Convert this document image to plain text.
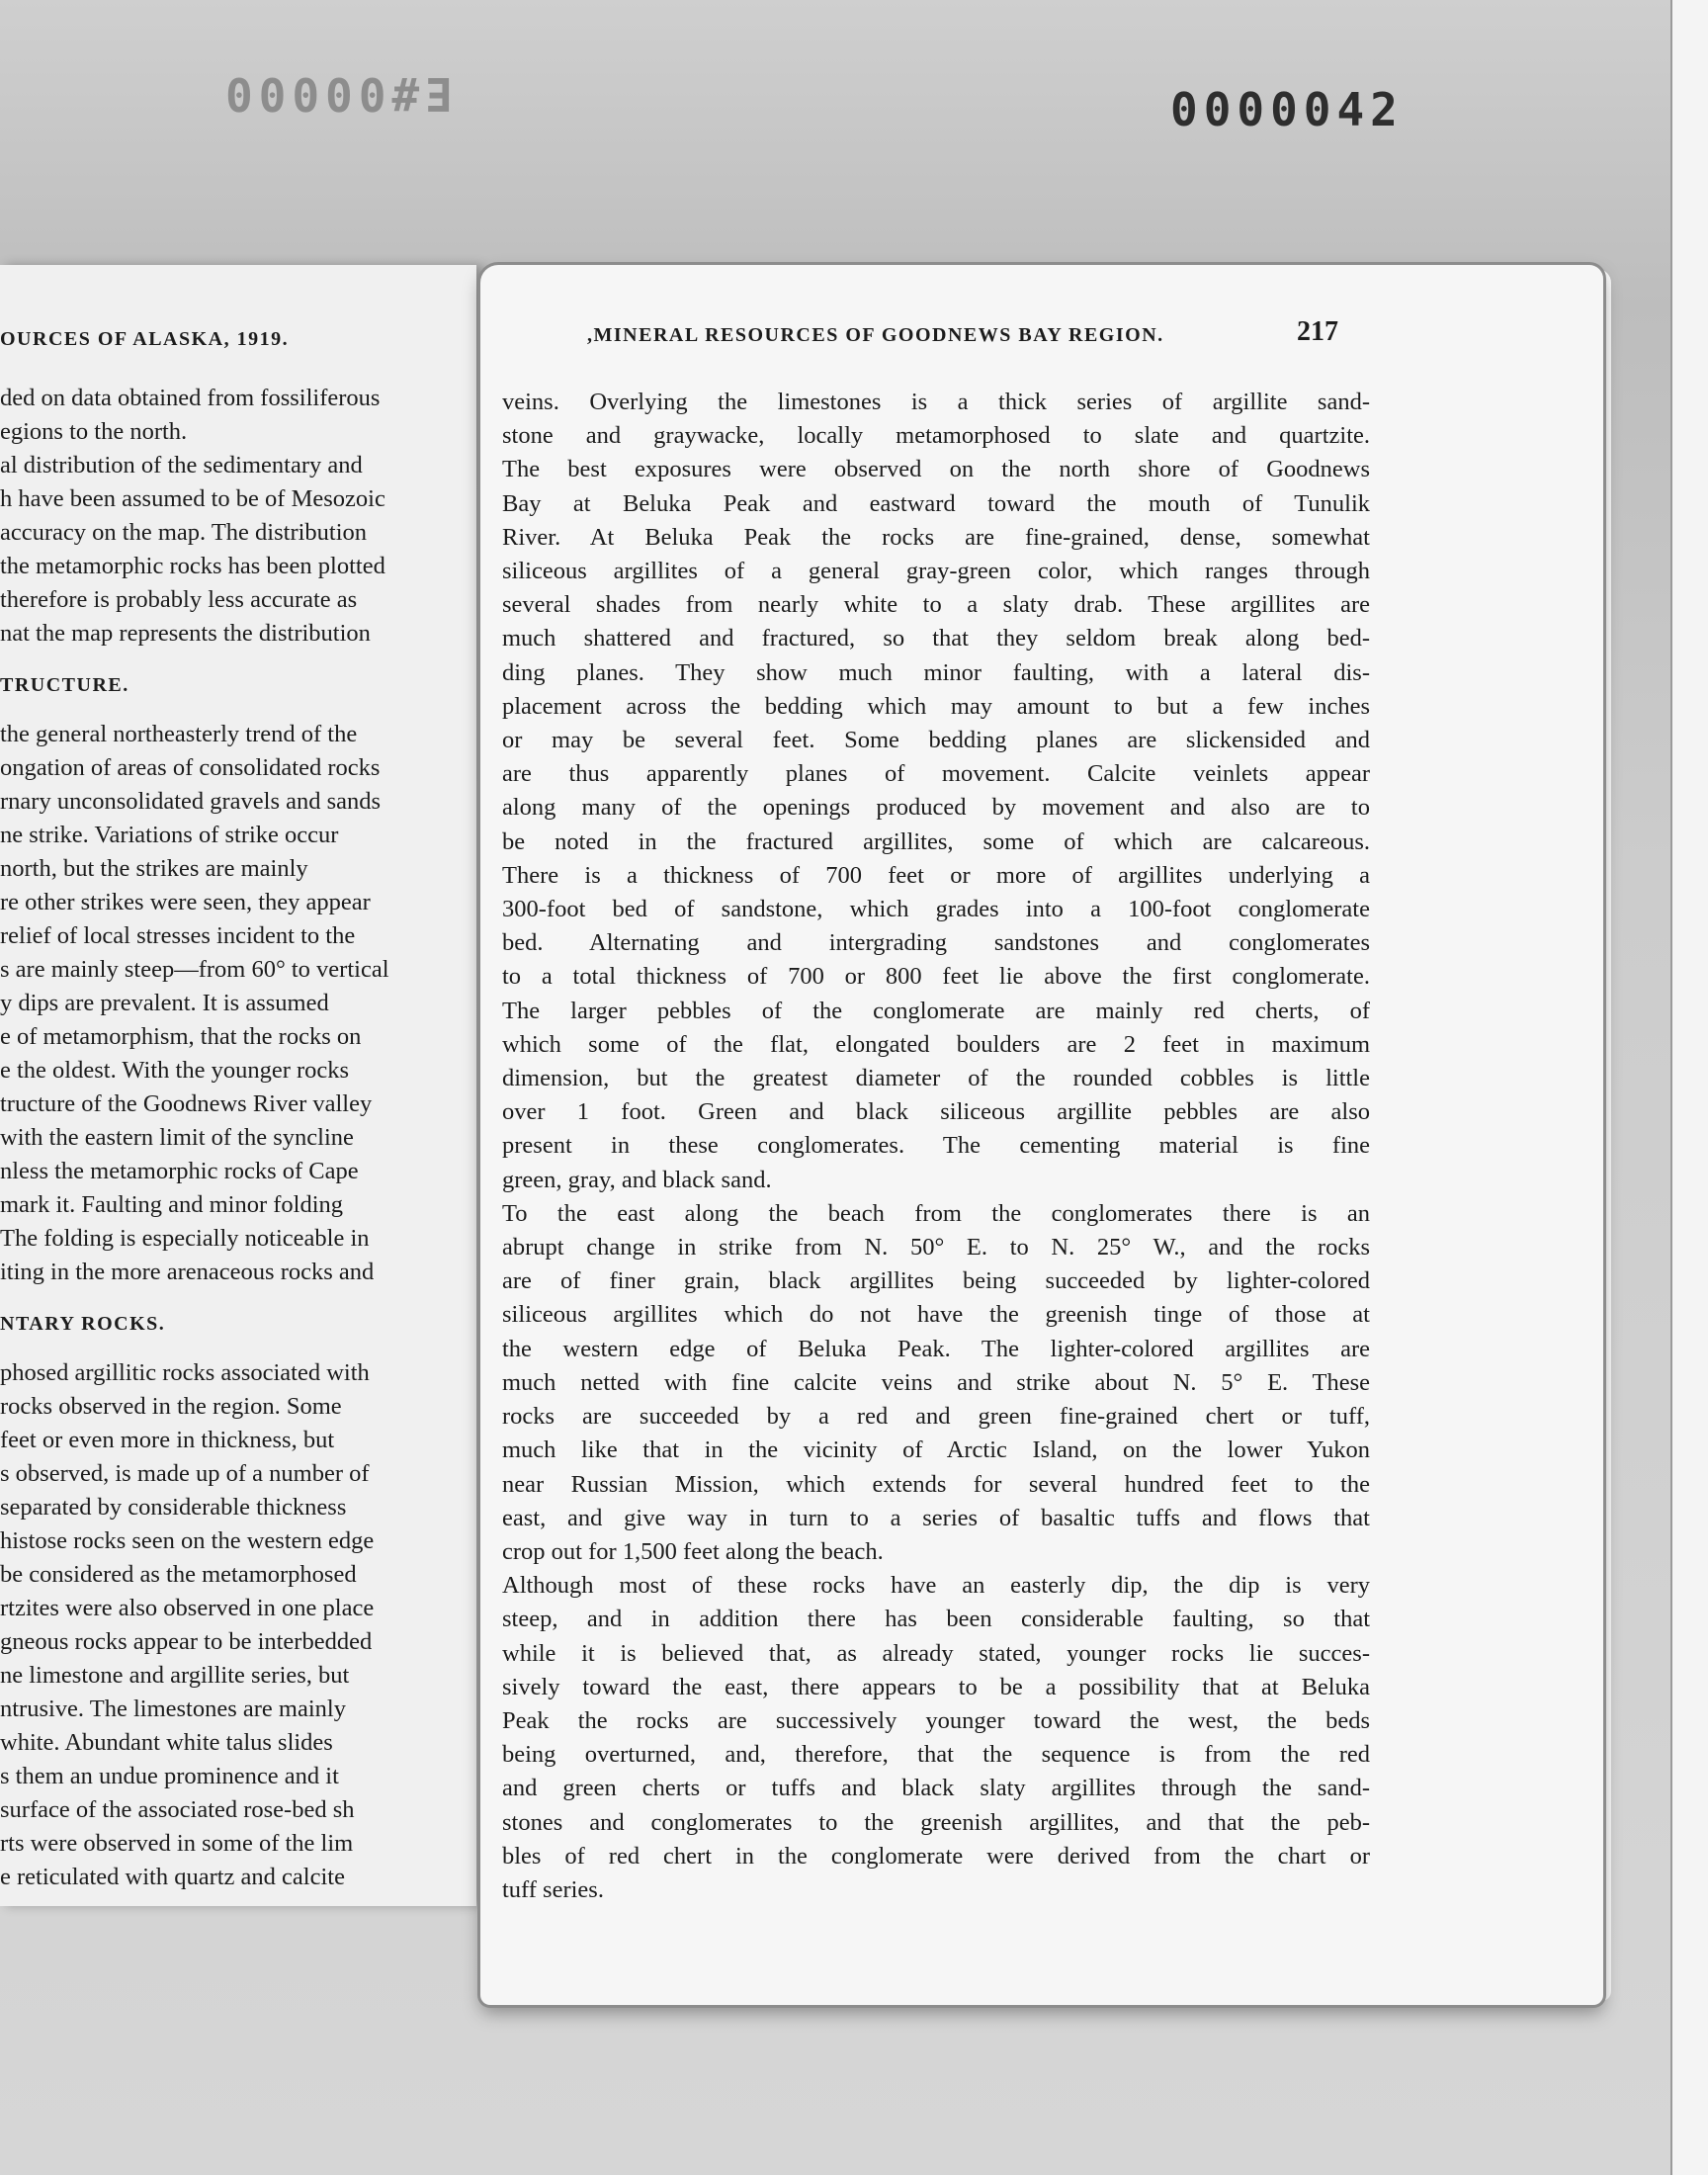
E#00000	0000042
OURCES OF ALASKA, 1919.
ded on data obtained from fossiliferous
egions to the north.
al distribution of the sedimentary and
h have been assumed to be of Mesozoic
accuracy on the map. The distribution
the metamorphic rocks has been plotted
therefore is probably less accurate as
nat the map represents the distribution
TRUCTURE.
the general northeasterly trend of the
ongation of areas of consolidated rocks
rnary unconsolidated gravels and sands
ne strike. Variations of strike occur
north, but the strikes are mainly
re other strikes were seen, they appear
relief of local stresses incident to the
s are mainly steep—from 60° to vertical
y dips are prevalent. It is assumed
e of metamorphism, that the rocks on
e the oldest. With the younger rocks
tructure of the Goodnews River valley
with the eastern limit of the syncline
nless the metamorphic rocks of Cape
mark it. Faulting and minor folding
The folding is especially noticeable in
iting in the more arenaceous rocks and
NTARY ROCKS.
phosed argillitic rocks associated with
rocks observed in the region. Some
feet or even more in thickness, but
s observed, is made up of a number of
separated by considerable thickness
histose rocks seen on the western edge
be considered as the metamorphosed
rtzites were also observed in one place
gneous rocks appear to be interbedded
ne limestone and argillite series, but
ntrusive. The limestones are mainly
white. Abundant white talus slides
s them an undue prominence and it
surface of the associated rose-bed sh
rts were observed in some of the lim
e reticulated with quartz and calcite
,MINERAL RESOURCES OF GOODNEWS BAY REGION.	217
veins. Overlying the limestones is a thick series of argillite sand-
stone and graywacke, locally metamorphosed to slate and quartzite.
The best exposures were observed on the north shore of Goodnews
Bay at Beluka Peak and eastward toward the mouth of Tunulik
River. At Beluka Peak the rocks are fine-grained, dense, somewhat
siliceous argillites of a general gray-green color, which ranges through
several shades from nearly white to a slaty drab. These argillites are
much shattered and fractured, so that they seldom break along bed-
ding planes. They show much minor faulting, with a lateral dis-
placement across the bedding which may amount to but a few inches
or may be several feet. Some bedding planes are slickensided and
are thus apparently planes of movement. Calcite veinlets appear
along many of the openings produced by movement and also are to
be noted in the fractured argillites, some of which are calcareous.
There is a thickness of 700 feet or more of argillites underlying a
300-foot bed of sandstone, which grades into a 100-foot conglomerate
bed. Alternating and intergrading sandstones and conglomerates
to a total thickness of 700 or 800 feet lie above the first conglomerate.
The larger pebbles of the conglomerate are mainly red cherts, of
which some of the flat, elongated boulders are 2 feet in maximum
dimension, but the greatest diameter of the rounded cobbles is little
over 1 foot. Green and black siliceous argillite pebbles are also
present in these conglomerates. The cementing material is fine
green, gray, and black sand.
To the east along the beach from the conglomerates there is an
abrupt change in strike from N. 50° E. to N. 25° W., and the rocks
are of finer grain, black argillites being succeeded by lighter-colored
siliceous argillites which do not have the greenish tinge of those at
the western edge of Beluka Peak. The lighter-colored argillites are
much netted with fine calcite veins and strike about N. 5° E. These
rocks are succeeded by a red and green fine-grained chert or tuff,
much like that in the vicinity of Arctic Island, on the lower Yukon
near Russian Mission, which extends for several hundred feet to the
east, and give way in turn to a series of basaltic tuffs and flows that
crop out for 1,500 feet along the beach.
Although most of these rocks have an easterly dip, the dip is very
steep, and in addition there has been considerable faulting, so that
while it is believed that, as already stated, younger rocks lie succes-
sively toward the east, there appears to be a possibility that at Beluka
Peak the rocks are successively younger toward the west, the beds
being overturned, and, therefore, that the sequence is from the red
and green cherts or tuffs and black slaty argillites through the sand-
stones and conglomerates to the greenish argillites, and that the peb-
bles of red chert in the conglomerate were derived from the chart or
tuff series.
